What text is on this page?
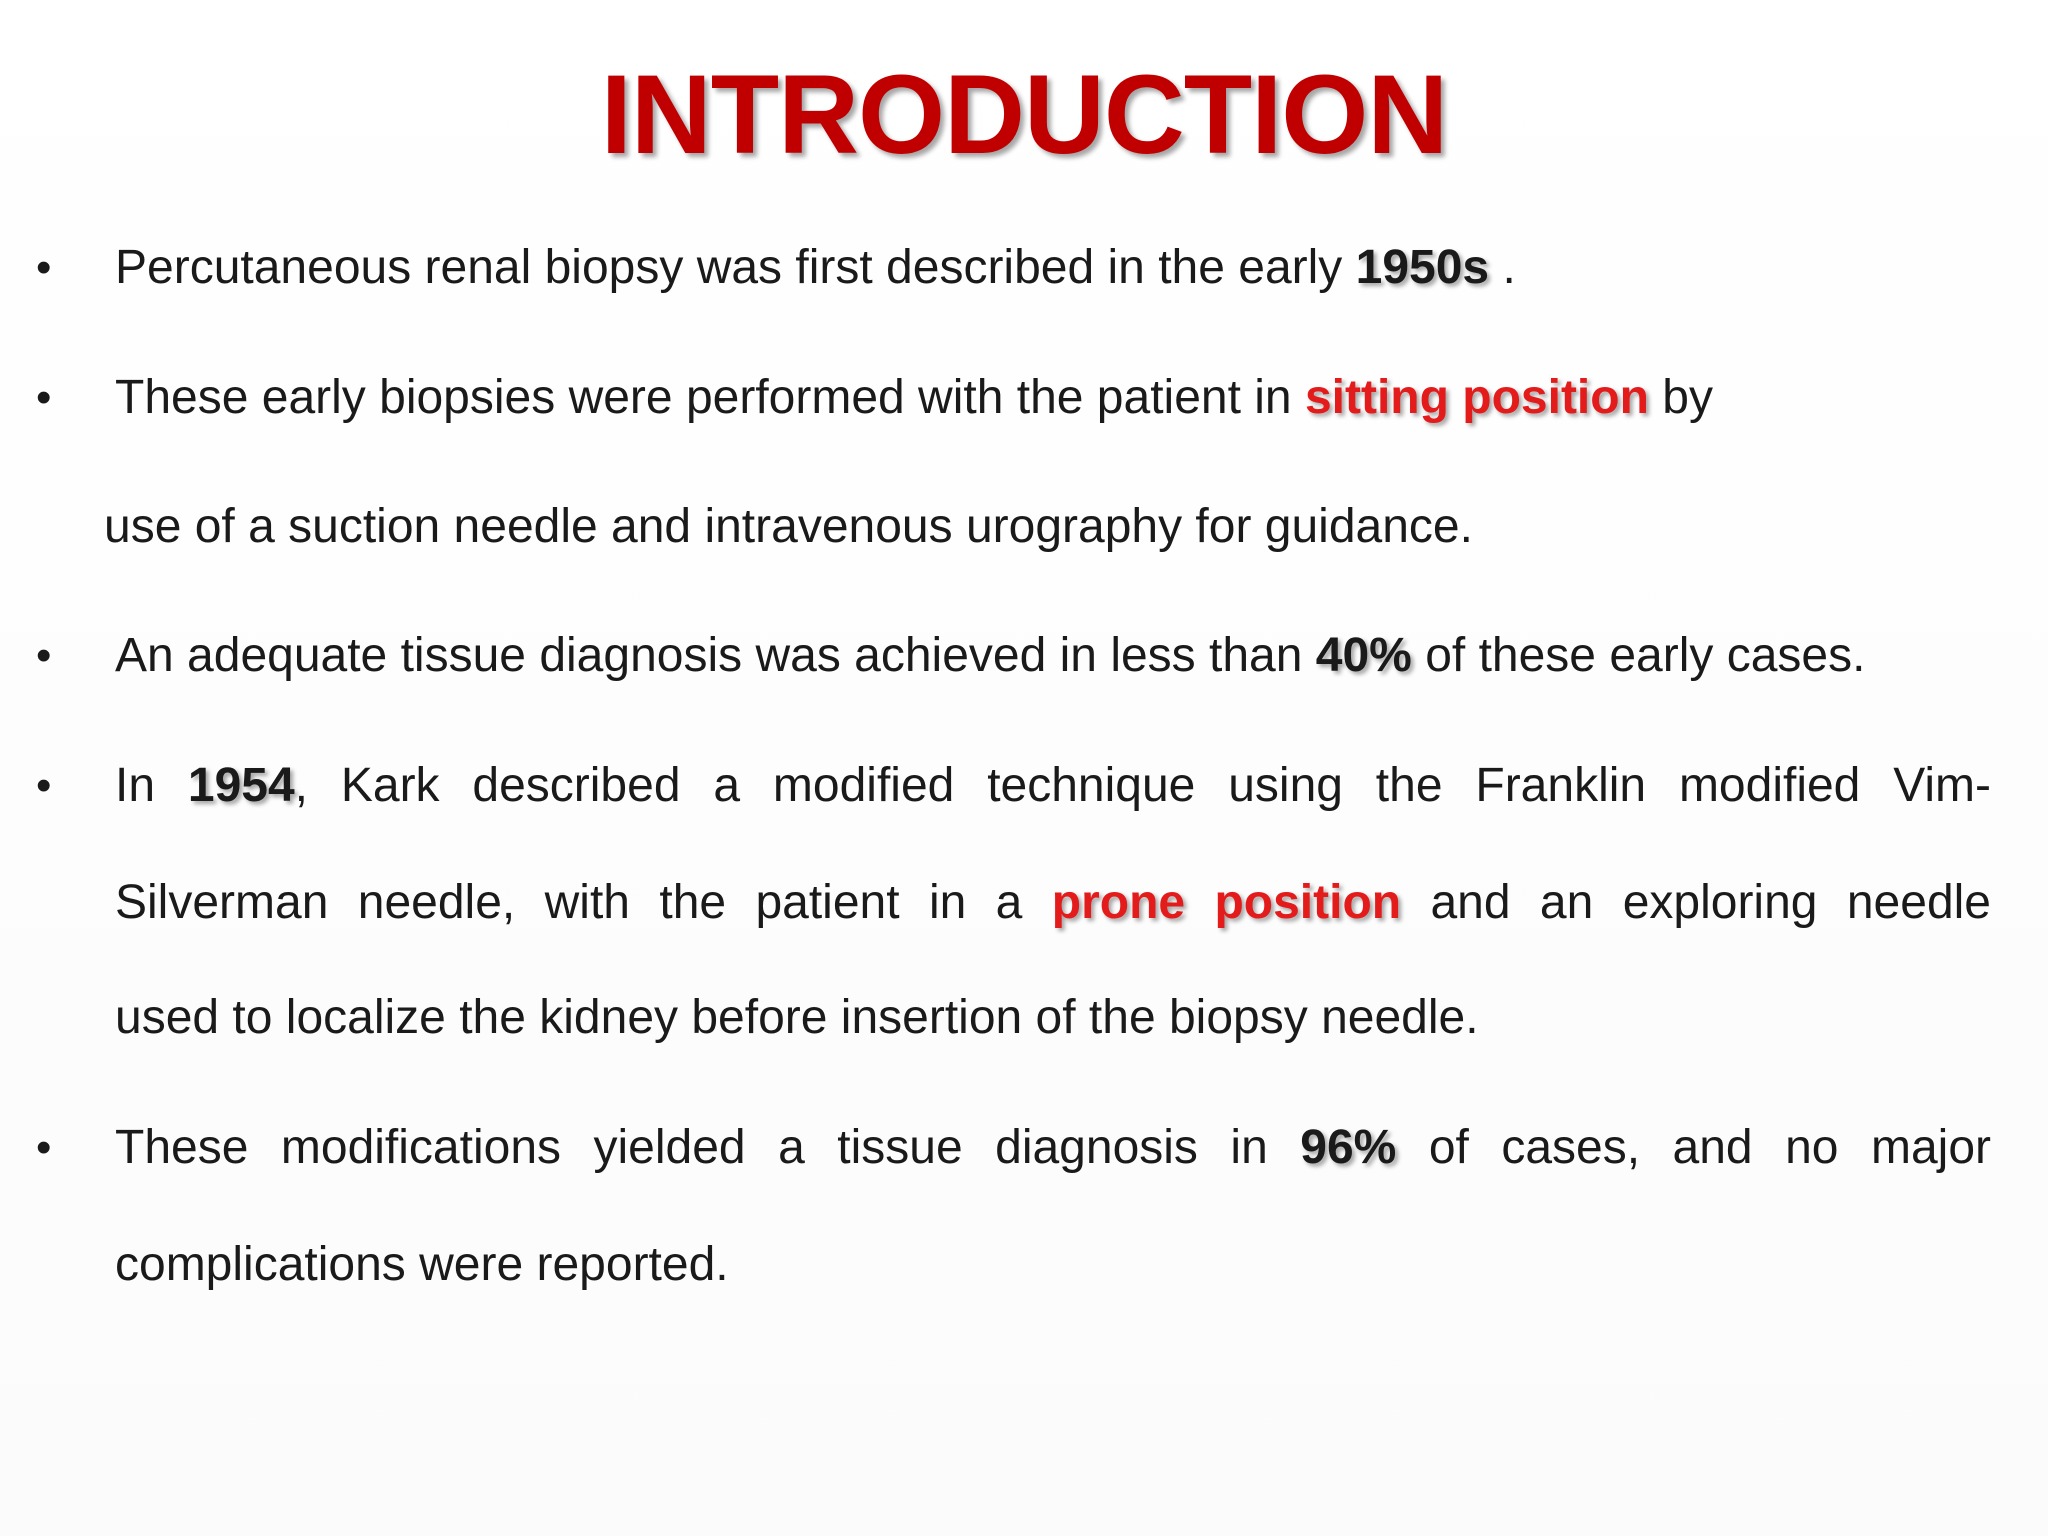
INTRODUCTION
• Percutaneous renal biopsy was first described in the early 1950s .
• These early biopsies were performed with the patient in sitting position by
use of a suction needle and intravenous urography for guidance.
• An adequate tissue diagnosis was achieved in less than 40% of these early cases.
• In 1954, Kark described a modified technique using the Franklin modified Vim-
Silverman needle, with the patient in a prone position and an exploring needle
used to localize the kidney before insertion of the biopsy needle.
• These modifications yielded a tissue diagnosis in 96% of cases, and no major
complications were reported.
